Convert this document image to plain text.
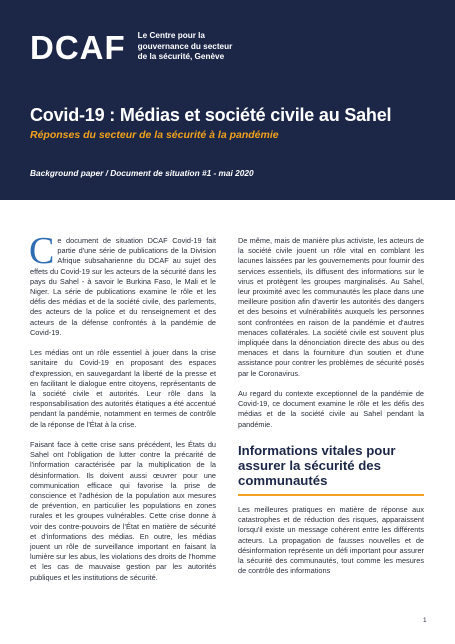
DCAF Le Centre pour la
gouvernance du secteur
de la sécurité, Genève
Covid-19 : Médias et société civile au Sahel
Réponses du secteur de la sécurité à la pandémie
Background paper / Document de situation #1 - mai 2020

Ce document de situation DCAF Covid-19 fait partie d'une série de publications de la Division Afrique subsaharienne du DCAF au sujet des effets du Covid-19 sur les acteurs de la sécurité dans les pays du Sahel - à savoir le Burkina Faso, le Mali et le Niger. La série de publications examine le rôle et les défis des médias et de la société civile, des parlements, des acteurs de la police et du renseignement et des acteurs de la défense confrontés à la pandémie de Covid-19.

Les médias ont un rôle essentiel à jouer dans la crise sanitaire du Covid-19 en proposant des espaces d'expression, en sauvegardant la liberté de la presse et en facilitant le dialogue entre citoyens, représentants de la société civile et autorités. Leur rôle dans la responsabilisation des autorités étatiques a été accentué pendant la pandémie, notamment en termes de contrôle de la réponse de l'État à la crise.

Faisant face à cette crise sans précédent, les États du Sahel ont l'obligation de lutter contre la précarité de l'information caractérisée par la multiplication de la désinformation. Ils doivent aussi œuvrer pour une communication efficace qui favorise la prise de conscience et l'adhésion de la population aux mesures de prévention, en particulier les populations en zones rurales et les groupes vulnérables. Cette crise donne à voir des contre-pouvoirs de l'État en matière de sécurité et d'informations des médias. En outre, les médias jouent un rôle de surveillance important en faisant la lumière sur les abus, les violations des droits de l'homme et les cas de mauvaise gestion par les autorités publiques et les institutions de sécurité.

De même, mais de manière plus activiste, les acteurs de la société civile jouent un rôle vital en comblant les lacunes laissées par les gouvernements pour fournir des services essentiels, ils diffusent des informations sur le virus et protègent les groupes marginalisés. Au Sahel, leur proximité avec les communautés les place dans une meilleure position afin d'avertir les autorités des dangers et des besoins et vulnérabilités auxquels les personnes sont confrontées en raison de la pandémie et d'autres menaces collatérales. La société civile est souvent plus impliquée dans la dénonciation directe des abus ou des menaces et dans la fourniture d'un soutien et d'une assistance pour contrer les problèmes de sécurité posés par le Coronavirus.

Au regard du contexte exceptionnel de la pandémie de Covid-19, ce document examine le rôle et les défis des médias et de la société civile au Sahel pendant la pandémie.

Informations vitales pour assurer la sécurité des communautés

Les meilleures pratiques en matière de réponse aux catastrophes et de réduction des risques, apparaissent lorsqu'il existe un message cohérent entre les différents acteurs. La propagation de fausses nouvelles et de désinformation représente un défi important pour assurer la sécurité des communautés, tout comme les mesures de contrôle des informations

1
